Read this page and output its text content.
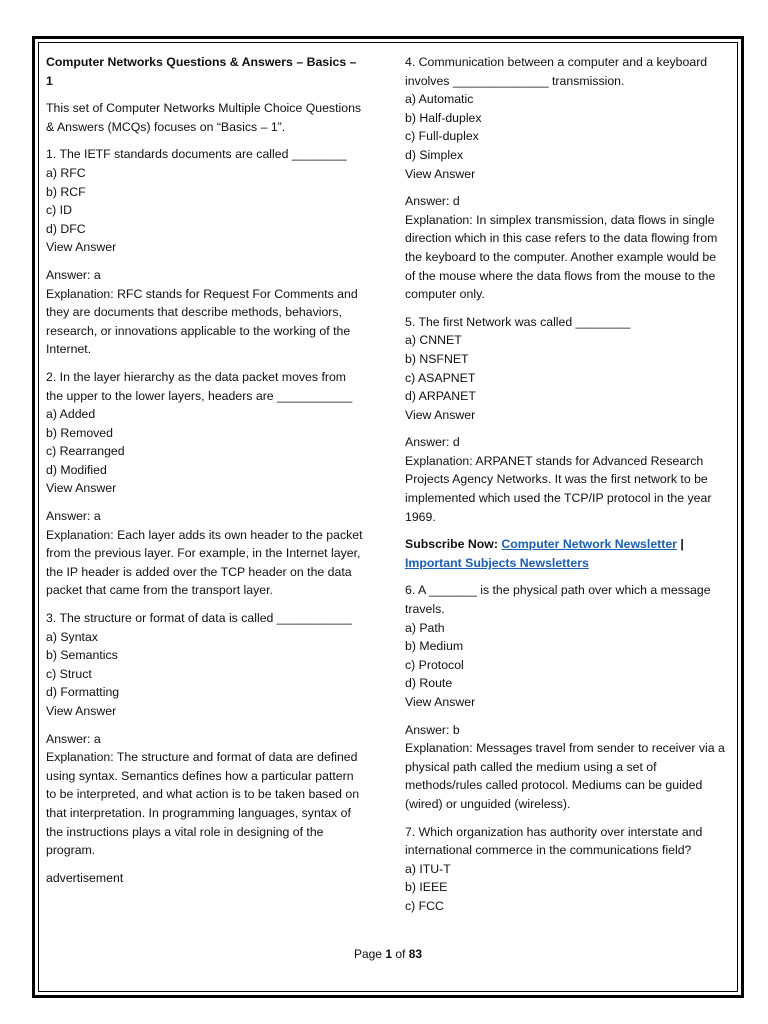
Computer Networks Questions & Answers – Basics – 1

This set of Computer Networks Multiple Choice Questions & Answers (MCQs) focuses on “Basics – 1”.

1. The IETF standards documents are called ________
a) RFC
b) RCF
c) ID
d) DFC
View Answer

Answer: a
Explanation: RFC stands for Request For Comments and they are documents that describe methods, behaviors, research, or innovations applicable to the working of the Internet.

2. In the layer hierarchy as the data packet moves from the upper to the lower layers, headers are ___________
a) Added
b) Removed
c) Rearranged
d) Modified
View Answer

Answer: a
Explanation: Each layer adds its own header to the packet from the previous layer. For example, in the Internet layer, the IP header is added over the TCP header on the data packet that came from the transport layer.

3. The structure or format of data is called ___________
a) Syntax
b) Semantics
c) Struct
d) Formatting
View Answer

Answer: a
Explanation: The structure and format of data are defined using syntax. Semantics defines how a particular pattern to be interpreted, and what action is to be taken based on that interpretation. In programming languages, syntax of the instructions plays a vital role in designing of the program.

advertisement

4. Communication between a computer and a keyboard involves ______________ transmission.
a) Automatic
b) Half-duplex
c) Full-duplex
d) Simplex
View Answer

Answer: d
Explanation: In simplex transmission, data flows in single direction which in this case refers to the data flowing from the keyboard to the computer. Another example would be of the mouse where the data flows from the mouse to the computer only.

5. The first Network was called ________
a) CNNET
b) NSFNET
c) ASAPNET
d) ARPANET
View Answer

Answer: d
Explanation: ARPANET stands for Advanced Research Projects Agency Networks. It was the first network to be implemented which used the TCP/IP protocol in the year 1969.

Subscribe Now: Computer Network Newsletter | Important Subjects Newsletters

6. A _______ is the physical path over which a message travels.
a) Path
b) Medium
c) Protocol
d) Route
View Answer

Answer: b
Explanation: Messages travel from sender to receiver via a physical path called the medium using a set of methods/rules called protocol. Mediums can be guided (wired) or unguided (wireless).

7. Which organization has authority over interstate and international commerce in the communications field?
a) ITU-T
b) IEEE
c) FCC

Page 1 of 83
